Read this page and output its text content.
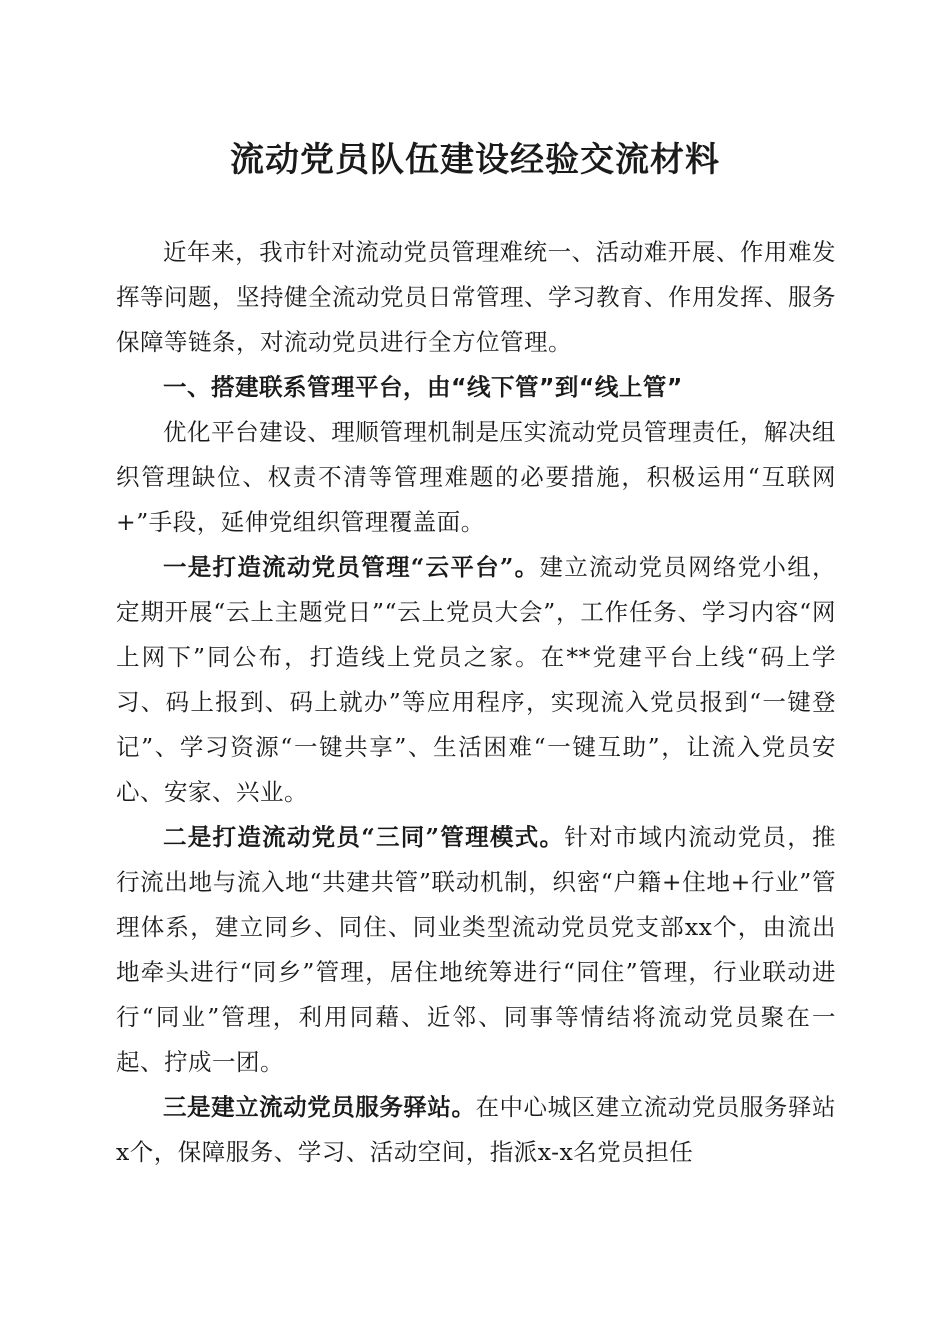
流动党员队伍建设经验交流材料

近年来，我市针对流动党员管理难统一、活动难开展、作用难发挥等问题，坚持健全流动党员日常管理、学习教育、作用发挥、服务保障等链条，对流动党员进行全方位管理。

一、搭建联系管理平台，由“线下管”到“线上管”

优化平台建设、理顺管理机制是压实流动党员管理责任，解决组织管理缺位、权责不清等管理难题的必要措施，积极运用“互联网+”手段，延伸党组织管理覆盖面。

一是打造流动党员管理“云平台”。建立流动党员网络党小组，定期开展“云上主题党日”“云上党员大会”，工作任务、学习内容“网上网下”同公布，打造线上党员之家。在**党建平台上线“码上学习、码上报到、码上就办”等应用程序，实现流入党员报到“一键登记”、学习资源“一键共享”、生活困难“一键互助”，让流入党员安心、安家、兴业。

二是打造流动党员“三同”管理模式。针对市域内流动党员，推行流出地与流入地“共建共管”联动机制，织密“户籍+住地+行业”管理体系，建立同乡、同住、同业类型流动党员党支部xx个，由流出地牵头进行“同乡”管理，居住地统筹进行“同住”管理，行业联动进行“同业”管理，利用同藉、近邻、同事等情结将流动党员聚在一起、拧成一团。

三是建立流动党员服务驿站。在中心城区建立流动党员服务驿站x个，保障服务、学习、活动空间，指派x-x名党员担任
